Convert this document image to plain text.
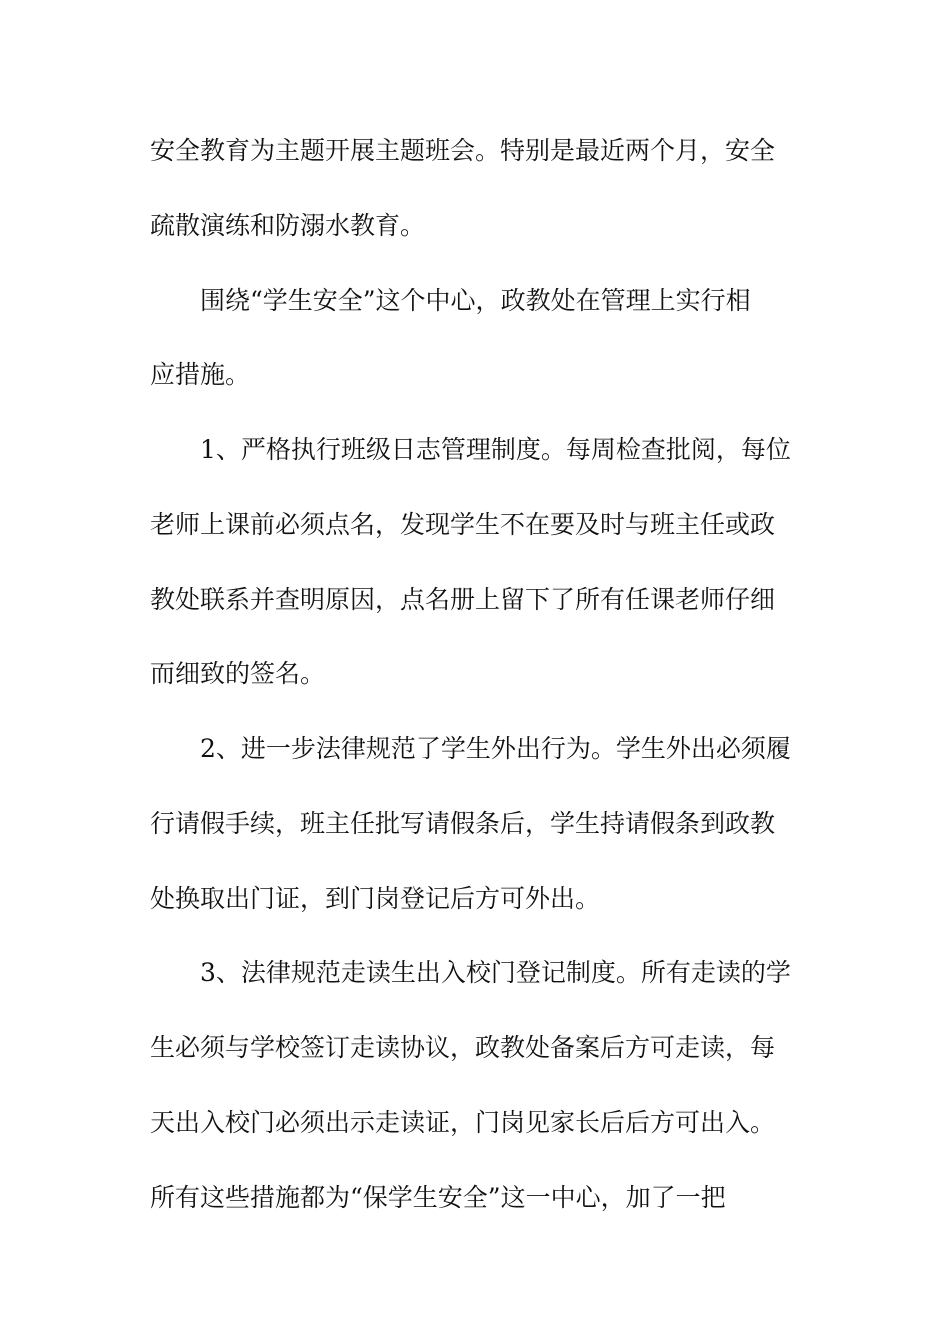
安全教育为主题开展主题班会。特别是最近两个月，安全

疏散演练和防溺水教育。

围绕“学生安全”这个中心，政教处在管理上实行相

应措施。

1、严格执行班级日志管理制度。每周检查批阅，每位

老师上课前必须点名，发现学生不在要及时与班主任或政

教处联系并查明原因，点名册上留下了所有任课老师仔细

而细致的签名。

2、进一步法律规范了学生外出行为。学生外出必须履

行请假手续，班主任批写请假条后，学生持请假条到政教

处换取出门证，到门岗登记后方可外出。

3、法律规范走读生出入校门登记制度。所有走读的学

生必须与学校签订走读协议，政教处备案后方可走读，每

天出入校门必须出示走读证，门岗见家长后后方可出入。

所有这些措施都为“保学生安全”这一中心，加了一把
